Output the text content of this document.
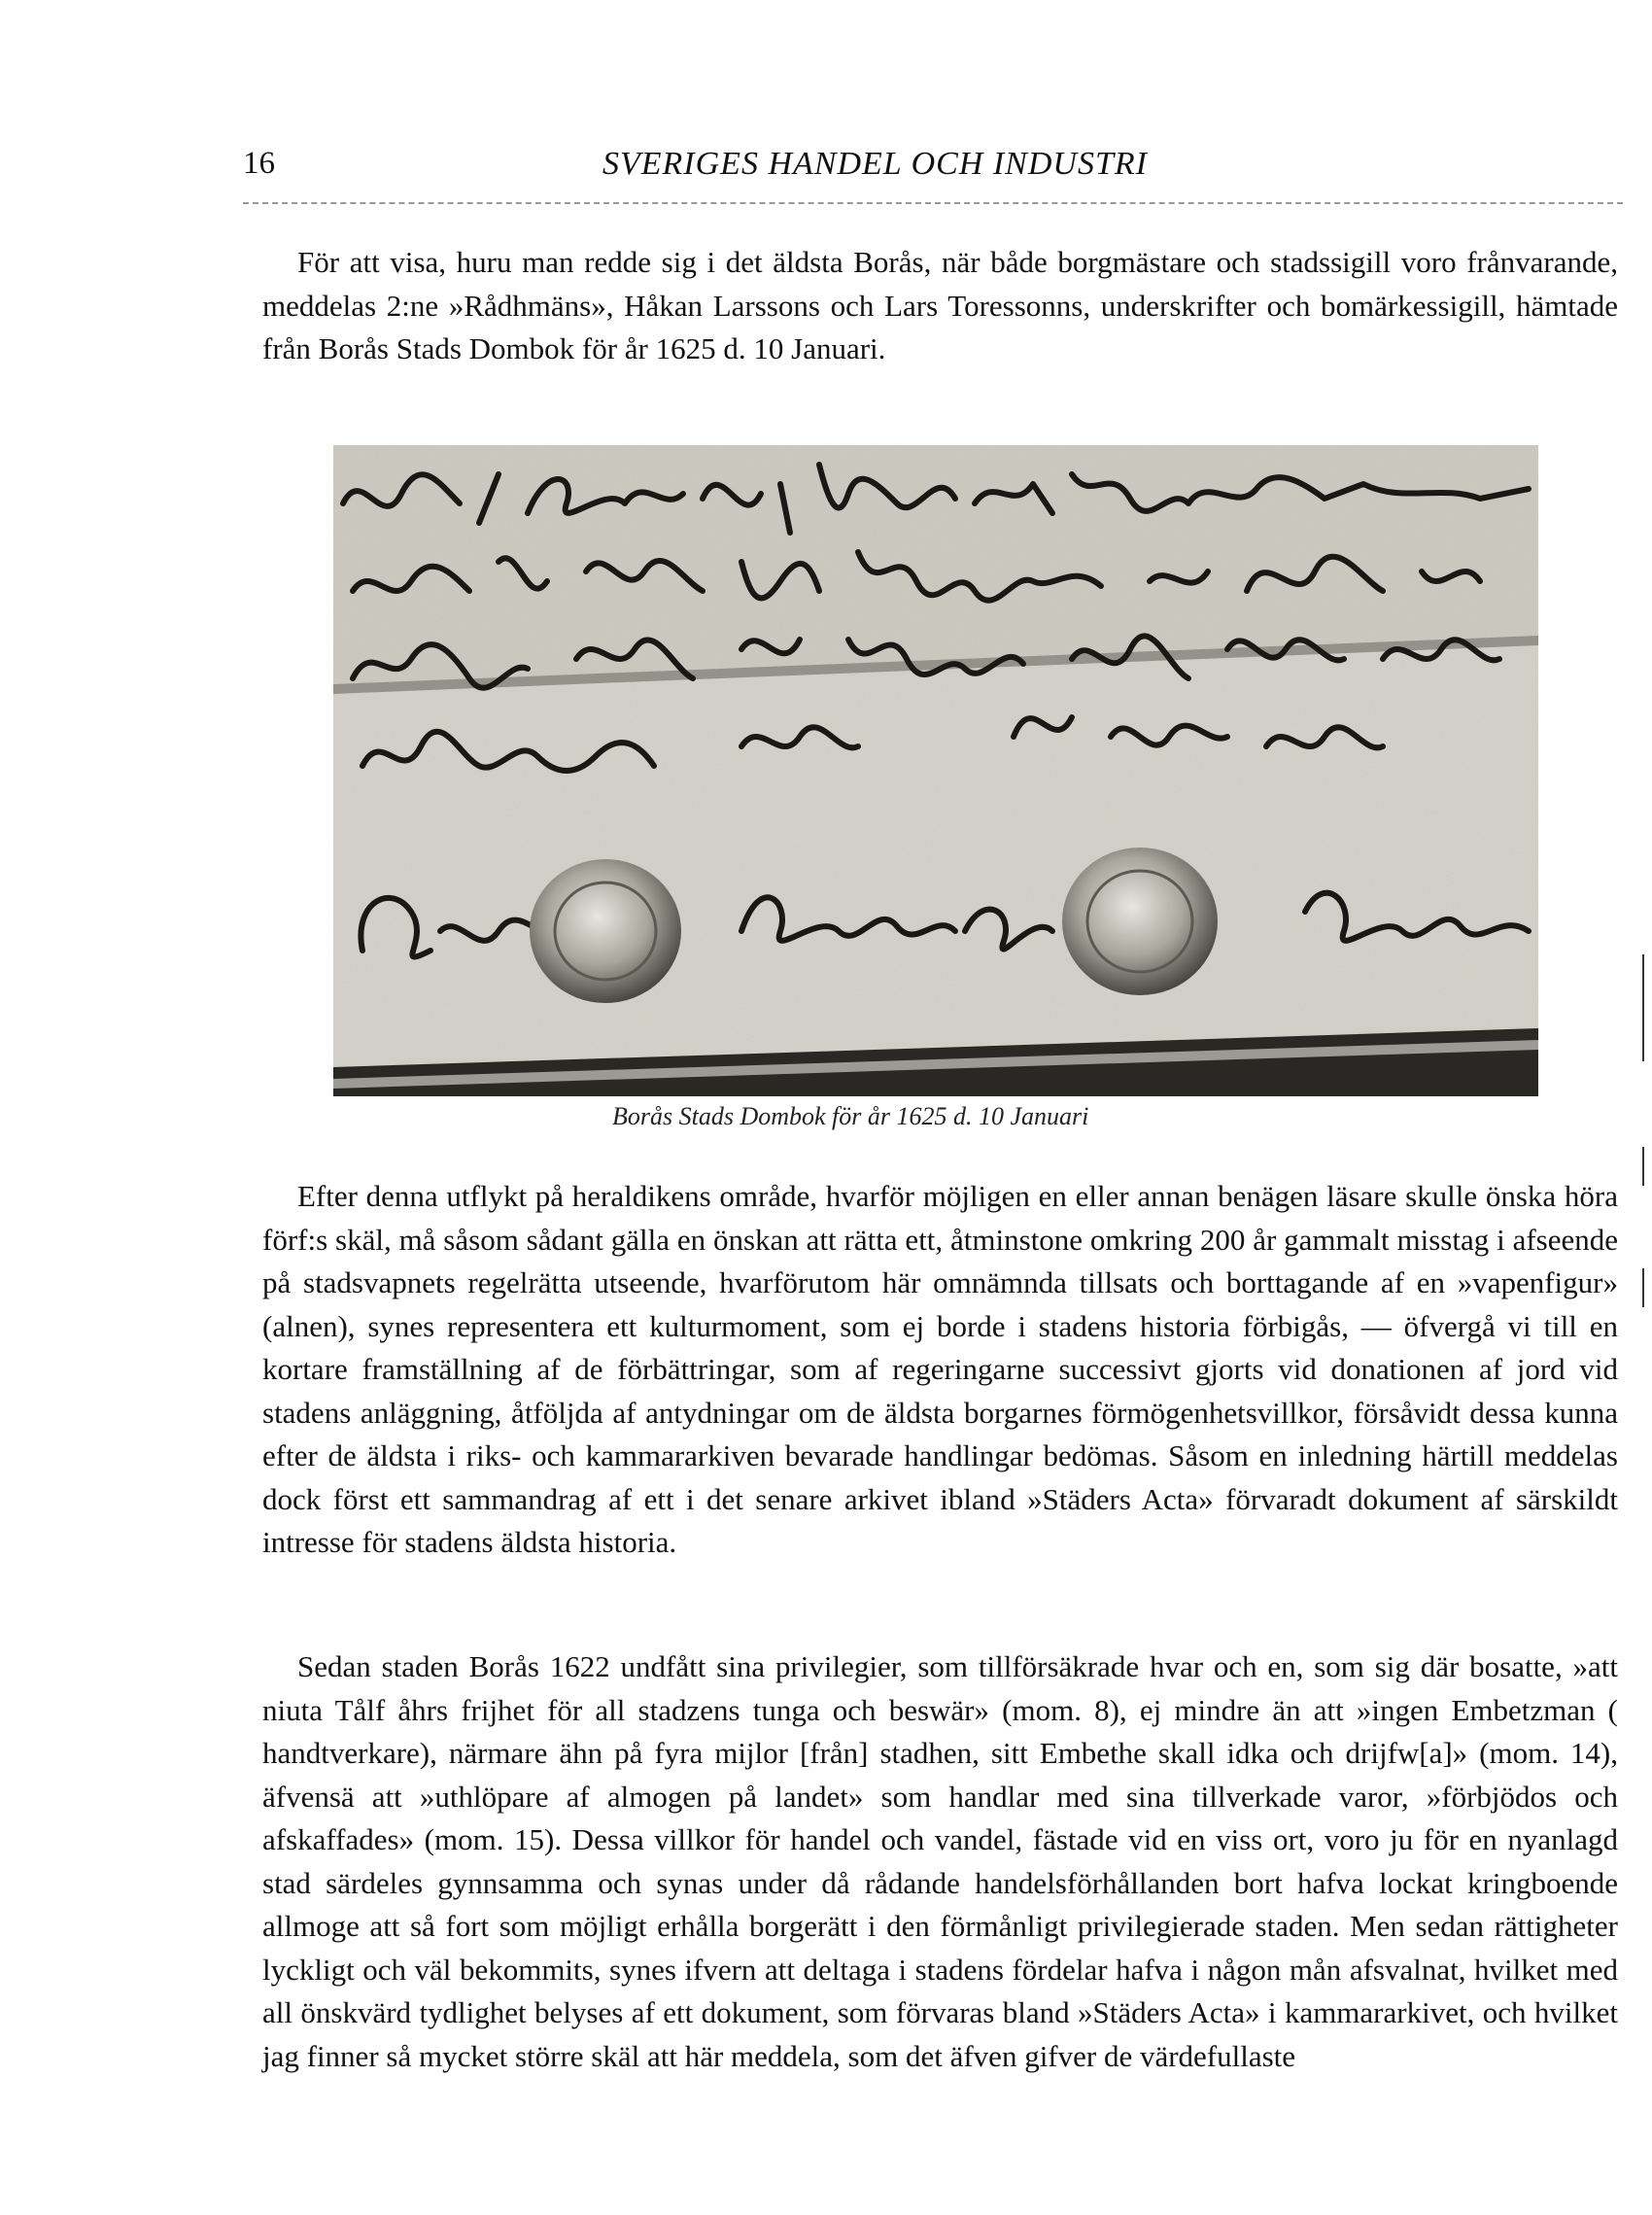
16	SVERIGES HANDEL OCH INDUSTRI

För att visa, huru man redde sig i det äldsta Borås, när både borgmästare och stadssigill voro frånvarande, meddelas 2:ne »Rådhmäns», Håkan Larssons och Lars Toressonns, underskrifter och bomärkessigill, hämtade från Borås Stads Dombok för år 1625 d. 10 Januari.

Borås Stads Dombok för år 1625 d. 10 Januari

Efter denna utflykt på heraldikens område, hvarför möjligen en eller annan benägen läsare skulle önska höra förf:s skäl, må såsom sådant gälla en önskan att rätta ett, åtminstone omkring 200 år gammalt misstag i afseende på stadsvapnets regelrätta utseende, hvarförutom här omnämnda tillsats och borttagande af en »vapenfigur» (alnen), synes representera ett kulturmoment, som ej borde i stadens historia förbigås, — öfvergå vi till en kortare framställning af de förbättringar, som af regeringarne successivt gjorts vid donationen af jord vid stadens anläggning, åtföljda af antydningar om de äldsta borgarnes förmögenhetsvillkor, försåvidt dessa kunna efter de äldsta i riks- och kammararkiven bevarade handlingar bedömas. Såsom en inledning härtill meddelas dock först ett sammandrag af ett i det senare arkivet ibland »Städers Acta» förvaradt dokument af särskildt intresse för stadens äldsta historia.

Sedan staden Borås 1622 undfått sina privilegier, som tillförsäkrade hvar och en, som sig där bosatte, »att niuta Tålf åhrs frijhet för all stadzens tunga och beswär» (mom. 8), ej mindre än att »ingen Embetzman ( handtverkare), närmare ähn på fyra mijlor [från] stadhen, sitt Embethe skall idka och drijfw[a]» (mom. 14), äfvensä att »uthlöpare af almogen på landet» som handlar med sina tillverkade varor, »förbjödos och afskaffades» (mom. 15). Dessa villkor för handel och vandel, fästade vid en viss ort, voro ju för en nyanlagd stad särdeles gynnsamma och synas under då rådande handelsförhållanden bort hafva lockat kringboende allmoge att så fort som möjligt erhålla borgerätt i den förmånligt privilegierade staden. Men sedan rättigheter lyckligt och väl bekommits, synes ifvern att deltaga i stadens fördelar hafva i någon mån afsvalnat, hvilket med all önskvärd tydlighet belyses af ett dokument, som förvaras bland »Städers Acta» i kammararkivet, och hvilket jag finner så mycket större skäl att här meddela, som det äfven gifver de värdefullaste
